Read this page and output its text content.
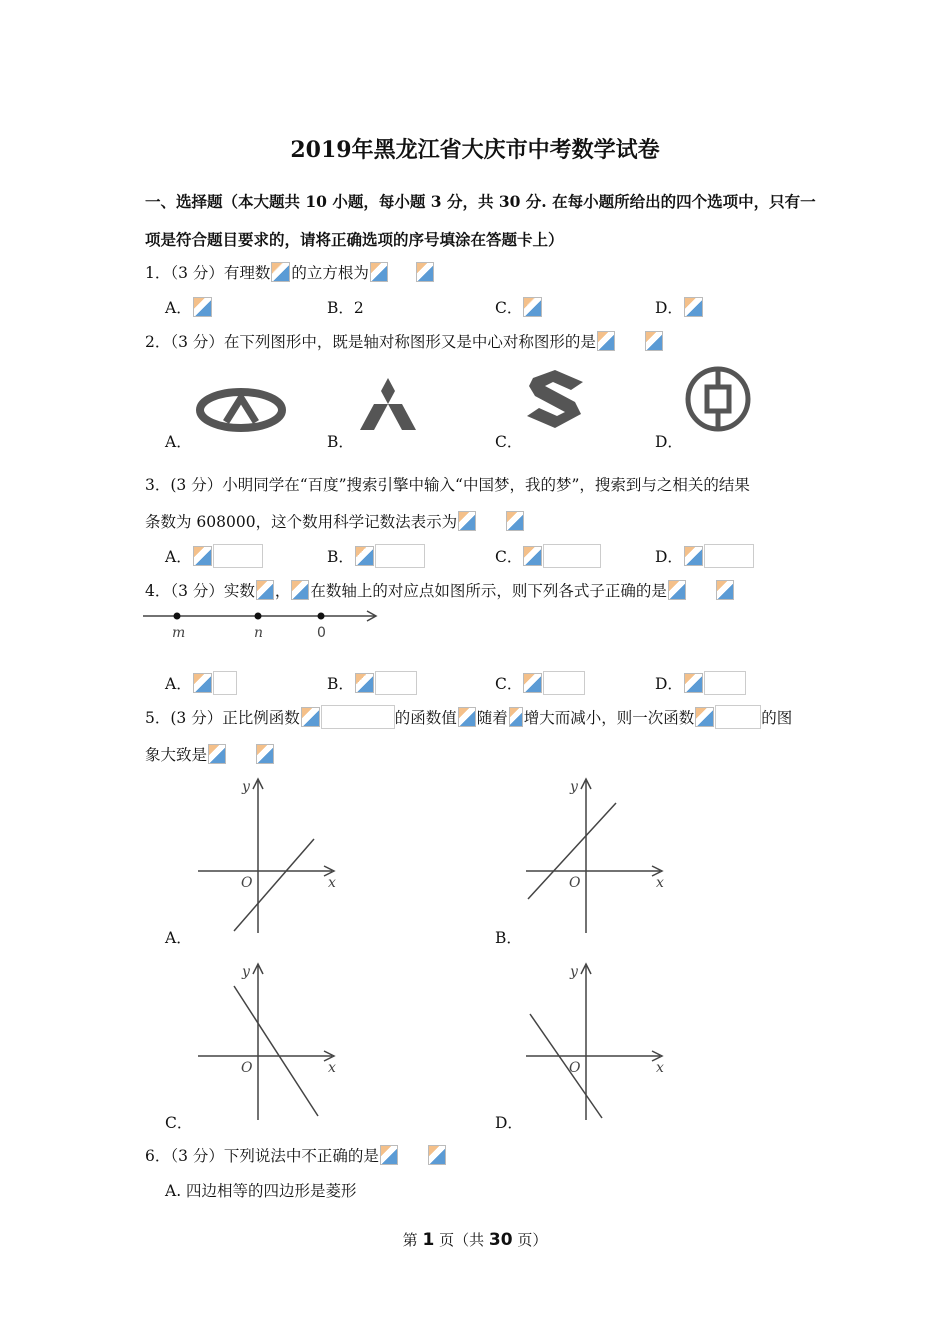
2019年黑龙江省大庆市中考数学试卷
一、选择题（本大题共 10 小题，每小题 3 分，共 30 分. 在每小题所给出的四个选项中，只有一
项是符合题目要求的，请将正确选项的序号填涂在答题卡上）
1．（3 分）有理数 的立方根为
A．	B．2	C．	D．
2．（3 分）在下列图形中，既是轴对称图形又是中心对称图形的是
A．	B．	C．	D．
3．(3 分）小明同学在“百度”搜索引擎中输入“中国梦，我的梦”，搜索到与之相关的结果
条数为 608000，这个数用科学记数法表示为
A．	B．	C．	D．
4．（3 分）实数 ， 在数轴上的对应点如图所示，则下列各式子正确的是
m	n	0
A．	B．	C．	D．
5．(3 分）正比例函数	的函数值 随着 增大而减小，则一次函数	的图
象大致是
O	x
y
O	x
y
A．	B．
O	x
y
O	x
y
C．	D．
6．（3 分）下列说法中不正确的是
A. 四边相等的四边形是菱形
第 1 页（共 30 页）
